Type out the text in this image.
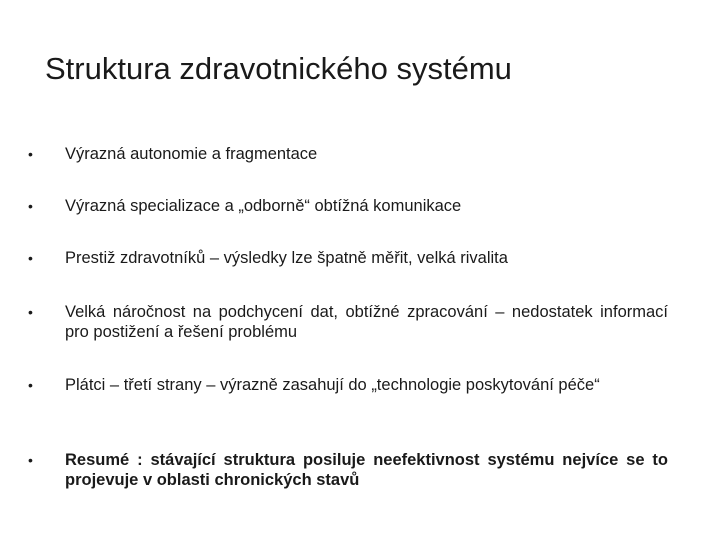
Struktura zdravotnického systému
•	Výrazná autonomie a fragmentace
•	Výrazná specializace a „odborně“ obtížná komunikace
•	Prestiž zdravotníků – výsledky lze špatně měřit, velká rivalita
•	Velká náročnost na podchycení dat, obtížné zpracování – nedostatek informací pro postižení a řešení problému
•	Plátci – třetí strany – výrazně zasahují do „technologie poskytování péče“
•	Resumé : stávající struktura posiluje neefektivnost systému nejvíce se to projevuje v oblasti chronických stavů
